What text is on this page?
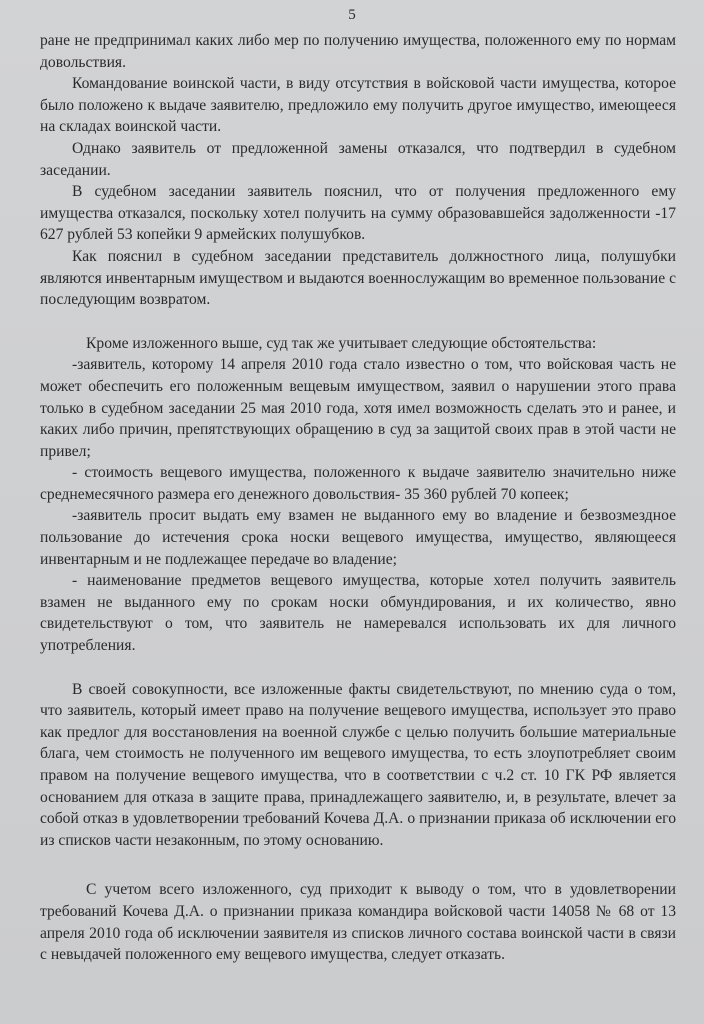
5

ране не предпринимал каких либо мер по получению имущества, положенного ему по нормам довольствия.

Командование воинской части, в виду отсутствия в войсковой части имущества, которое было положено к выдаче заявителю, предложило ему получить другое имущество, имеющееся на складах воинской части.

Однако заявитель от предложенной замены отказался, что подтвердил в судебном заседании.

В судебном заседании заявитель пояснил, что от получения предложенного ему имущества отказался, поскольку хотел получить на сумму образовавшейся задолженности -17 627 рублей 53 копейки 9 армейских полушубков.

Как пояснил в судебном заседании представитель должностного лица, полушубки являются инвентарным имуществом и выдаются военнослужащим во временное пользование с последующим возвратом.

Кроме изложенного выше, суд так же учитывает следующие обстоятельства:

-заявитель, которому 14 апреля 2010 года стало известно о том, что войсковая часть не может обеспечить его положенным вещевым имуществом, заявил о нарушении этого права только в судебном заседании 25 мая 2010 года, хотя имел возможность сделать это и ранее, и каких либо причин, препятствующих обращению в суд за защитой своих прав в этой части не привел;

- стоимость вещевого имущества, положенного к выдаче заявителю значительно ниже среднемесячного размера его денежного довольствия- 35 360 рублей 70 копеек;

-заявитель просит выдать ему взамен не выданного ему во владение и безвозмездное пользование до истечения срока носки вещевого имущества, имущество, являющееся инвентарным и не подлежащее передаче во владение;

- наименование предметов вещевого имущества, которые хотел получить заявитель взамен не выданного ему по срокам носки обмундирования, и их количество, явно свидетельствуют о том, что заявитель не намеревался использовать их для личного употребления.

В своей совокупности, все изложенные факты свидетельствуют, по мнению суда о том, что заявитель, который имеет право на получение вещевого имущества, использует это право как предлог для восстановления на военной службе с целью получить большие материальные блага, чем стоимость не полученного им вещевого имущества, то есть злоупотребляет своим правом на получение вещевого имущества, что в соответствии с ч.2 ст. 10 ГК РФ является основанием для отказа в защите права, принадлежащего заявителю, и, в результате, влечет за собой отказ в удовлетворении требований Кочева Д.А. о признании приказа об исключении его из списков части незаконным, по этому основанию.

С учетом всего изложенного, суд приходит к выводу о том, что в удовлетворении требований Кочева Д.А. о признании приказа командира войсковой части 14058 № 68 от 13 апреля 2010 года об исключении заявителя из списков личного состава воинской части в связи с невыдачей положенного ему вещевого имущества, следует отказать.
